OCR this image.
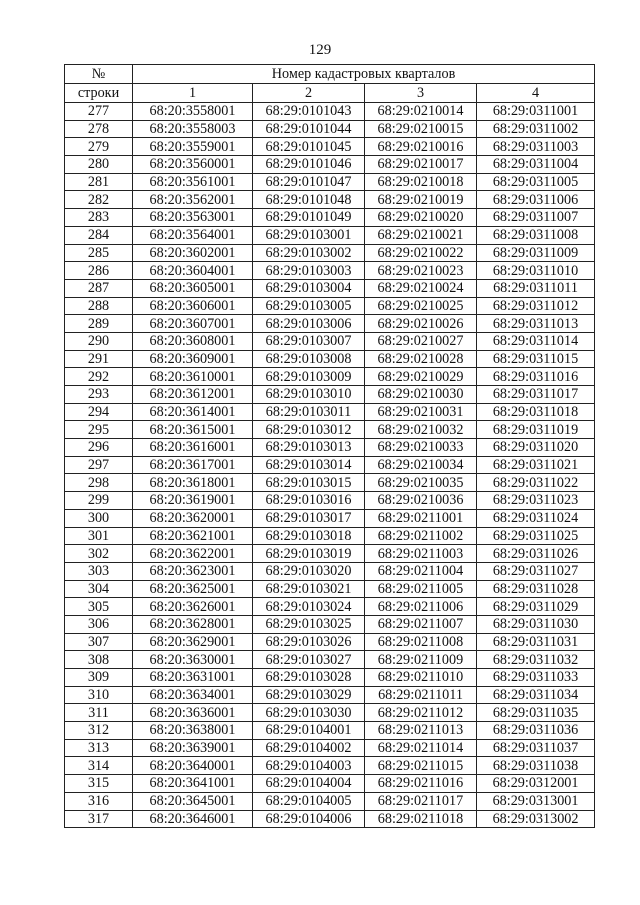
129
№	Номер кадастровых кварталов			
строки	1	2	3	4
277	68:20:3558001	68:29:0101043	68:29:0210014	68:29:0311001
278	68:20:3558003	68:29:0101044	68:29:0210015	68:29:0311002
279	68:20:3559001	68:29:0101045	68:29:0210016	68:29:0311003
280	68:20:3560001	68:29:0101046	68:29:0210017	68:29:0311004
281	68:20:3561001	68:29:0101047	68:29:0210018	68:29:0311005
282	68:20:3562001	68:29:0101048	68:29:0210019	68:29:0311006
283	68:20:3563001	68:29:0101049	68:29:0210020	68:29:0311007
284	68:20:3564001	68:29:0103001	68:29:0210021	68:29:0311008
285	68:20:3602001	68:29:0103002	68:29:0210022	68:29:0311009
286	68:20:3604001	68:29:0103003	68:29:0210023	68:29:0311010
287	68:20:3605001	68:29:0103004	68:29:0210024	68:29:0311011
288	68:20:3606001	68:29:0103005	68:29:0210025	68:29:0311012
289	68:20:3607001	68:29:0103006	68:29:0210026	68:29:0311013
290	68:20:3608001	68:29:0103007	68:29:0210027	68:29:0311014
291	68:20:3609001	68:29:0103008	68:29:0210028	68:29:0311015
292	68:20:3610001	68:29:0103009	68:29:0210029	68:29:0311016
293	68:20:3612001	68:29:0103010	68:29:0210030	68:29:0311017
294	68:20:3614001	68:29:0103011	68:29:0210031	68:29:0311018
295	68:20:3615001	68:29:0103012	68:29:0210032	68:29:0311019
296	68:20:3616001	68:29:0103013	68:29:0210033	68:29:0311020
297	68:20:3617001	68:29:0103014	68:29:0210034	68:29:0311021
298	68:20:3618001	68:29:0103015	68:29:0210035	68:29:0311022
299	68:20:3619001	68:29:0103016	68:29:0210036	68:29:0311023
300	68:20:3620001	68:29:0103017	68:29:0211001	68:29:0311024
301	68:20:3621001	68:29:0103018	68:29:0211002	68:29:0311025
302	68:20:3622001	68:29:0103019	68:29:0211003	68:29:0311026
303	68:20:3623001	68:29:0103020	68:29:0211004	68:29:0311027
304	68:20:3625001	68:29:0103021	68:29:0211005	68:29:0311028
305	68:20:3626001	68:29:0103024	68:29:0211006	68:29:0311029
306	68:20:3628001	68:29:0103025	68:29:0211007	68:29:0311030
307	68:20:3629001	68:29:0103026	68:29:0211008	68:29:0311031
308	68:20:3630001	68:29:0103027	68:29:0211009	68:29:0311032
309	68:20:3631001	68:29:0103028	68:29:0211010	68:29:0311033
310	68:20:3634001	68:29:0103029	68:29:0211011	68:29:0311034
311	68:20:3636001	68:29:0103030	68:29:0211012	68:29:0311035
312	68:20:3638001	68:29:0104001	68:29:0211013	68:29:0311036
313	68:20:3639001	68:29:0104002	68:29:0211014	68:29:0311037
314	68:20:3640001	68:29:0104003	68:29:0211015	68:29:0311038
315	68:20:3641001	68:29:0104004	68:29:0211016	68:29:0312001
316	68:20:3645001	68:29:0104005	68:29:0211017	68:29:0313001
317	68:20:3646001	68:29:0104006	68:29:0211018	68:29:0313002
